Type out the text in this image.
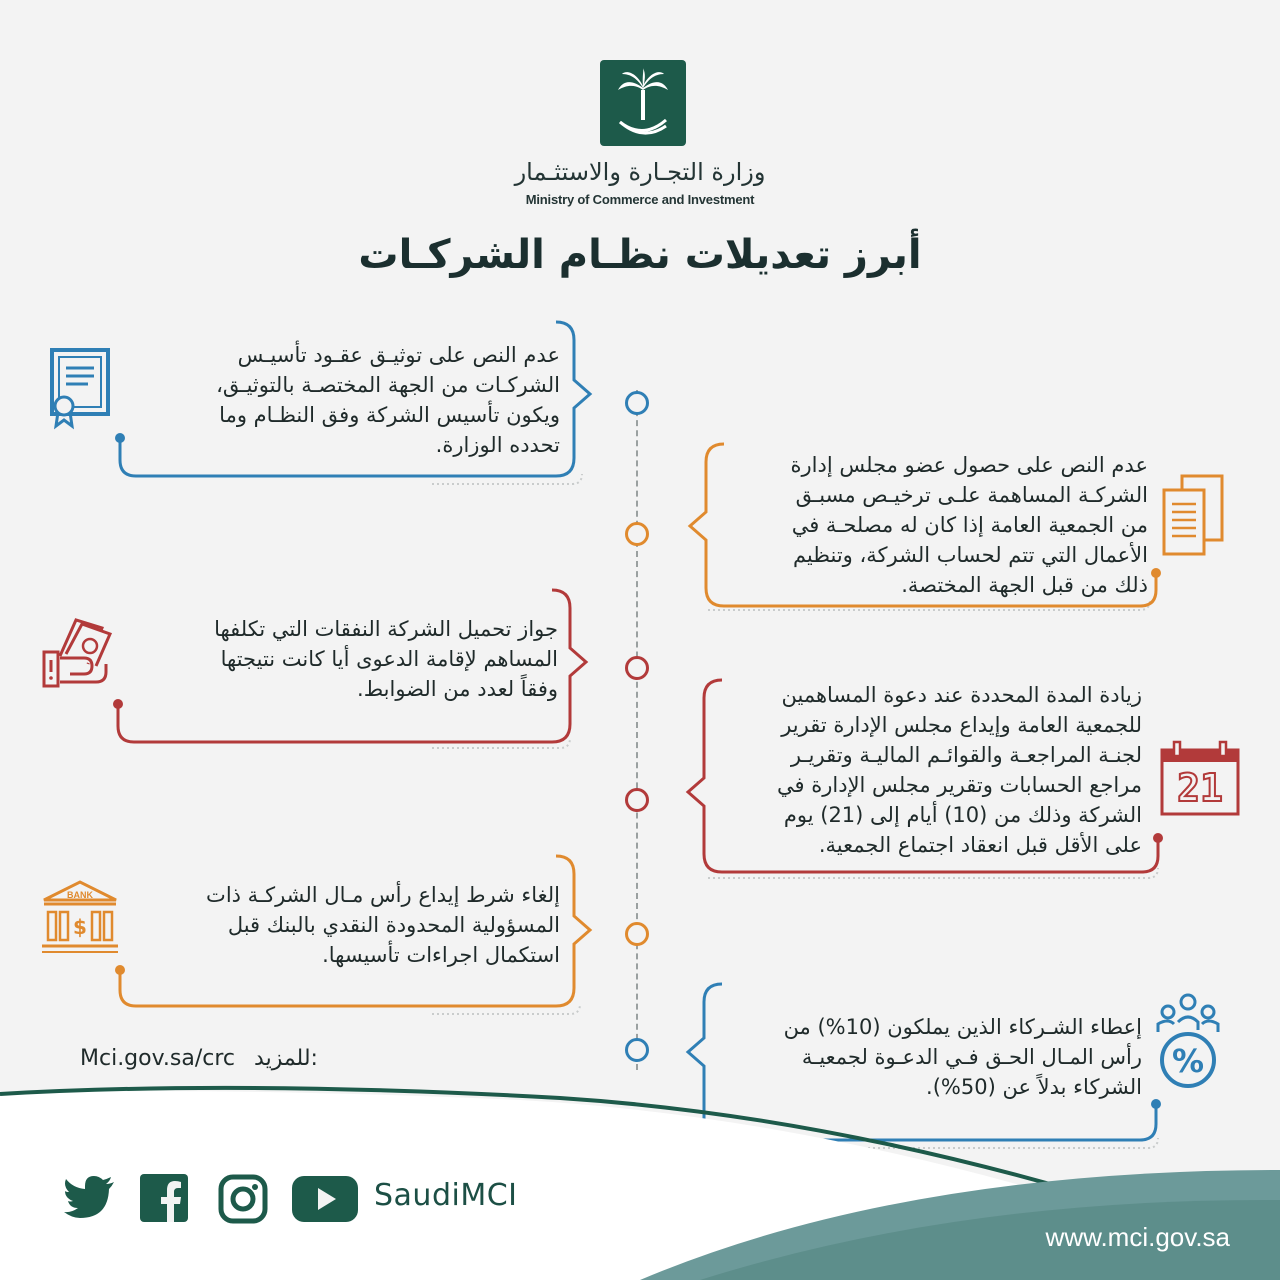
وزارة التجـارة والاستثـمار
Ministry of Commerce and Investment
أبرز تعديلات نظـام الشركـات
عدم النص على توثيـق عقـود تأسيـس
الشركـات من الجهة المختصـة بالتوثيـق،
ويكون تأسيس الشركة وفق النظـام وما
تحدده الوزارة.
عدم النص على حصول عضو مجلس إدارة
الشركـة المساهمة علـى ترخيـص مسبـق
من الجمعية العامة إذا كان له مصلحـة في
الأعمال التي تتم لحساب الشركة، وتنظيم
ذلك من قبل الجهة المختصة.
جواز تحميل الشركة النفقات التي تكلفها
المساهم لإقامة الدعوى أيا كانت نتيجتها
وفقاً لعدد من الضوابط.	زيادة المدة المحددة عند دعوة المساهمين
للجمعية العامة وإيداع مجلس الإدارة تقرير
لجنـة المراجعـة والقوائـم الماليـة وتقريـر
مراجع الحسابات وتقرير مجلس الإدارة في
الشركة وذلك من (10) أيام إلى (21) يوم
على الأقل قبل انعقاد اجتماع الجمعية.
إلغاء شرط إيداع رأس مـال الشركـة ذات
المسؤولية المحدودة النقدي بالبنك قبل
استكمال اجراءات تأسيسها.
إعطاء الشـركاء الذين يملكون (10%) من
رأس المـال الحـق فـي الدعـوة لجمعيـة
الشركاء بدلاً عن (50%).
21
$
BANK
%
Mci.gov.sa/crc للمزيد:
SaudiMCI
www.mci.gov.sa
